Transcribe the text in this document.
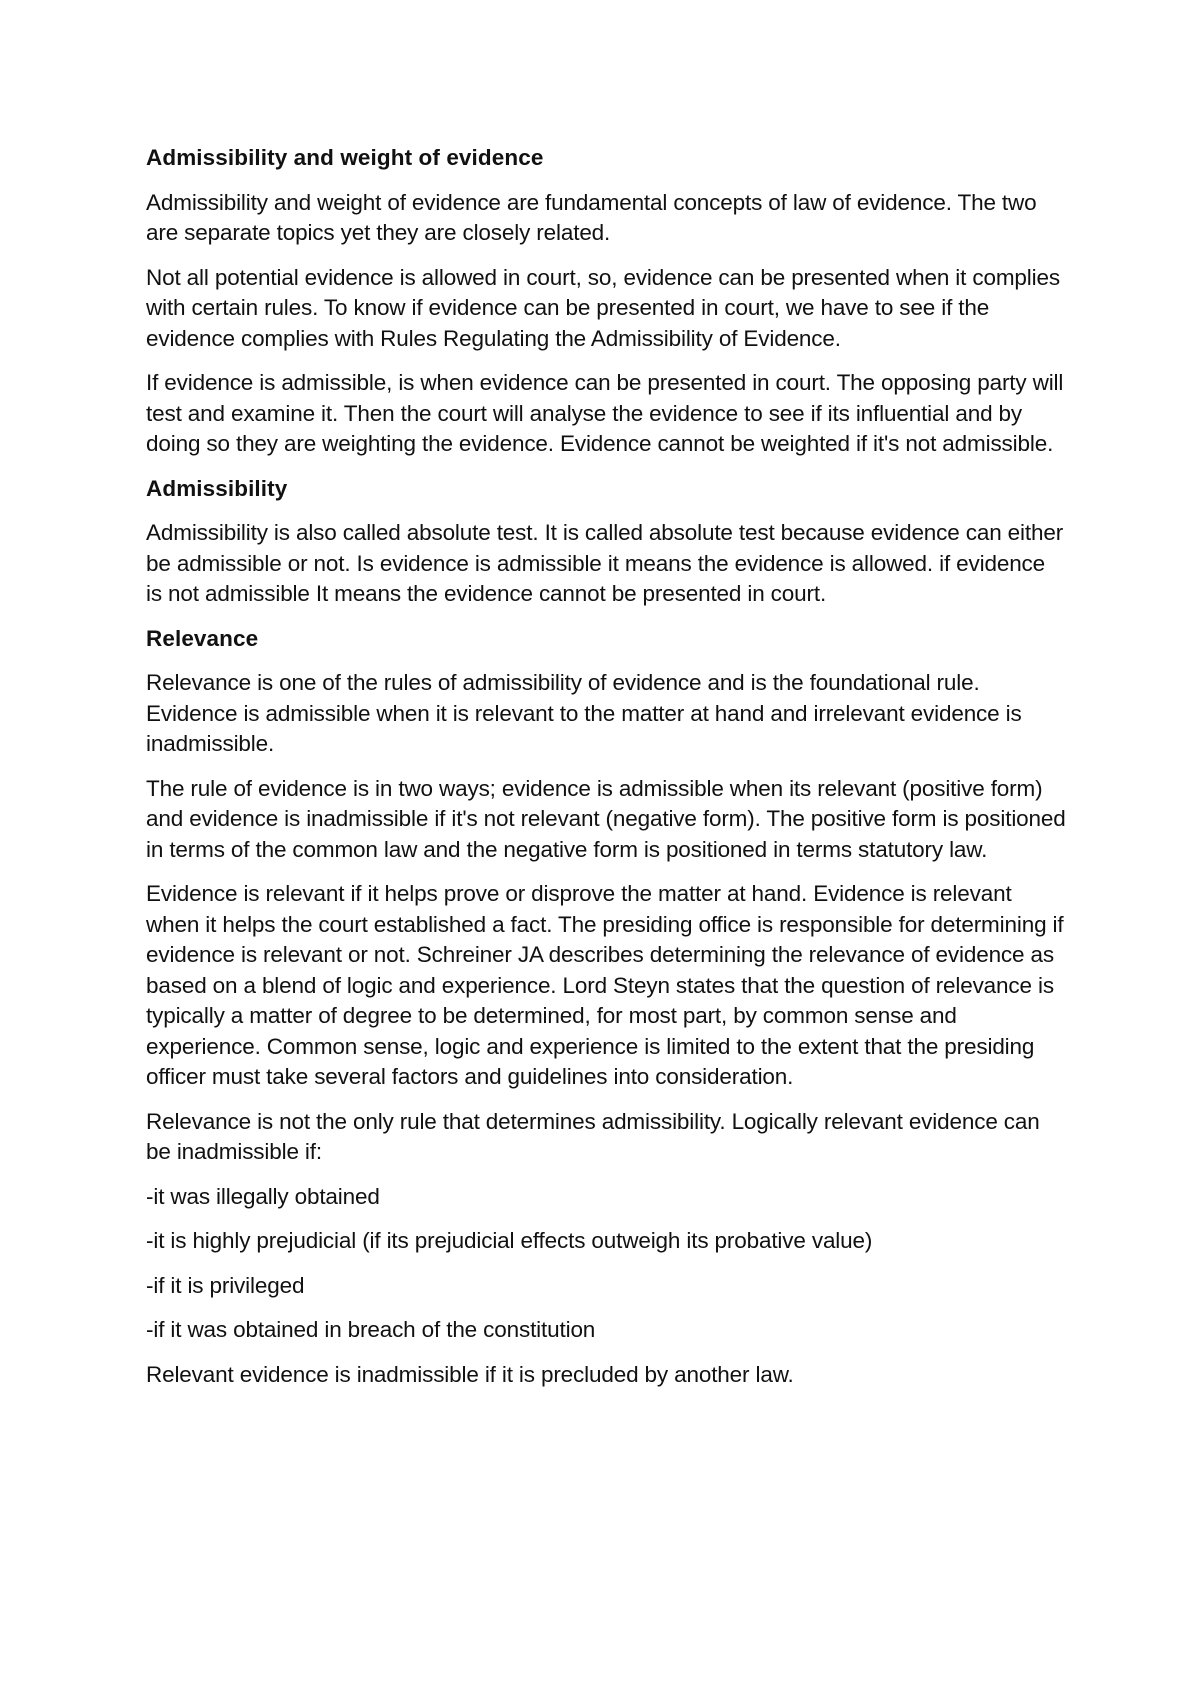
Admissibility and weight of evidence

Admissibility and weight of evidence are fundamental concepts of law of evidence. The two are separate topics yet they are closely related.

Not all potential evidence is allowed in court, so, evidence can be presented when it complies with certain rules. To know if evidence can be presented in court, we have to see if the evidence complies with Rules Regulating the Admissibility of Evidence.

If evidence is admissible, is when evidence can be presented in court. The opposing party will test and examine it. Then the court will analyse the evidence to see if its influential and by doing so they are weighting the evidence. Evidence cannot be weighted if it's not admissible.

Admissibility

Admissibility is also called absolute test. It is called absolute test because evidence can either be admissible or not. Is evidence is admissible it means the evidence is allowed. if evidence is not admissible It means the evidence cannot be presented in court.

Relevance

Relevance is one of the rules of admissibility of evidence and is the foundational rule. Evidence is admissible when it is relevant to the matter at hand and irrelevant evidence is inadmissible.

The rule of evidence is in two ways; evidence is admissible when its relevant (positive form) and evidence is inadmissible if it's not relevant (negative form). The positive form is positioned in terms of the common law and the negative form is positioned in terms statutory law.

Evidence is relevant if it helps prove or disprove the matter at hand. Evidence is relevant when it helps the court established a fact. The presiding office is responsible for determining if evidence is relevant or not. Schreiner JA describes determining the relevance of evidence as based on a blend of logic and experience. Lord Steyn states that the question of relevance is typically a matter of degree to be determined, for most part, by common sense and experience. Common sense, logic and experience is limited to the extent that the presiding officer must take several factors and guidelines into consideration.

Relevance is not the only rule that determines admissibility. Logically relevant evidence can be inadmissible if:

-it was illegally obtained

-it is highly prejudicial (if its prejudicial effects outweigh its probative value)

-if it is privileged

-if it was obtained in breach of the constitution

Relevant evidence is inadmissible if it is precluded by another law.
